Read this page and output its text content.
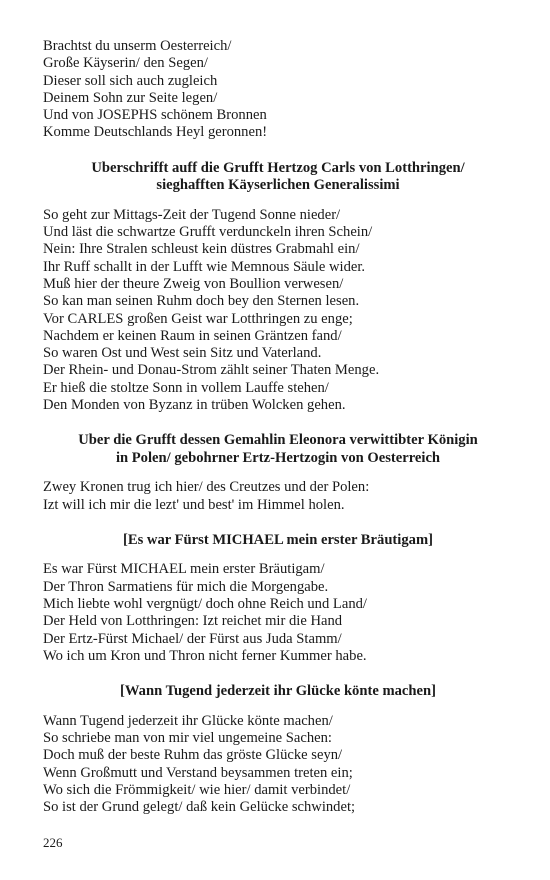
Brachtst du unserm Oesterreich/
Große Käyserin/ den Segen/
Dieser soll sich auch zugleich
Deinem Sohn zur Seite legen/
Und von JOSEPHS schönem Bronnen
Komme Deutschlands Heyl geronnen!
Uberschrifft auff die Grufft Hertzog Carls von Lotthringen/
sieghafften Käyserlichen Generalissimi
So geht zur Mittags-Zeit der Tugend Sonne nieder/
Und läst die schwartze Grufft verdunckeln ihren Schein/
Nein: Ihre Stralen schleust kein düstres Grabmahl ein/
Ihr Ruff schallt in der Lufft wie Memnous Säule wider.
Muß hier der theure Zweig von Boullion verwesen/
So kan man seinen Ruhm doch bey den Sternen lesen.
Vor CARLES großen Geist war Lotthringen zu enge;
Nachdem er keinen Raum in seinen Gräntzen fand/
So waren Ost und West sein Sitz und Vaterland.
Der Rhein- und Donau-Strom zählt seiner Thaten Menge.
Er hieß die stoltze Sonn in vollem Lauffe stehen/
Den Monden von Byzanz in trüben Wolcken gehen.
Uber die Grufft dessen Gemahlin Eleonora verwittibter Königin
in Polen/ gebohrner Ertz-Hertzogin von Oesterreich
Zwey Kronen trug ich hier/ des Creutzes und der Polen:
Izt will ich mir die lezt' und best' im Himmel holen.
[Es war Fürst MICHAEL mein erster Bräutigam]
Es war Fürst MICHAEL mein erster Bräutigam/
Der Thron Sarmatiens für mich die Morgengabe.
Mich liebte wohl vergnügt/ doch ohne Reich und Land/
Der Held von Lotthringen: Izt reichet mir die Hand
Der Ertz-Fürst Michael/ der Fürst aus Juda Stamm/
Wo ich um Kron und Thron nicht ferner Kummer habe.
[Wann Tugend jederzeit ihr Glücke könte machen]
Wann Tugend jederzeit ihr Glücke könte machen/
So schriebe man von mir viel ungemeine Sachen:
Doch muß der beste Ruhm das gröste Glücke seyn/
Wenn Großmutt und Verstand beysammen treten ein;
Wo sich die Frömmigkeit/ wie hier/ damit verbindet/
So ist der Grund gelegt/ daß kein Gelücke schwindet;
226
